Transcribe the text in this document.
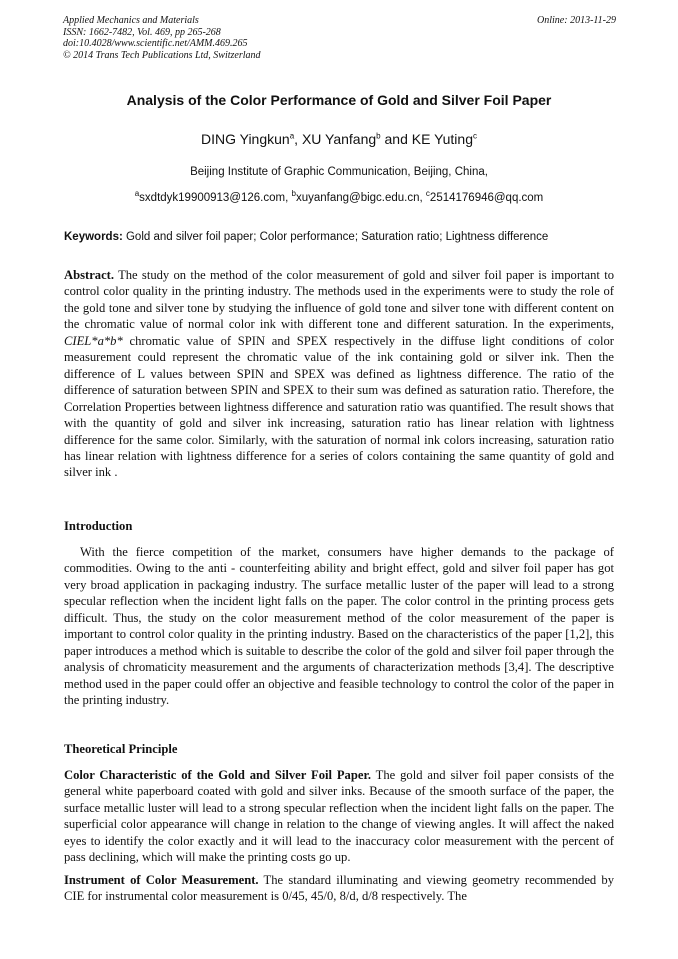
Applied Mechanics and Materials
ISSN: 1662-7482, Vol. 469, pp 265-268
doi:10.4028/www.scientific.net/AMM.469.265
© 2014 Trans Tech Publications Ltd, Switzerland
Online: 2013-11-29
Analysis of the Color Performance of Gold and Silver Foil Paper
DING Yingkun$^a$, XU Yanfang$^b$ and KE Yuting$^c$
Beijing Institute of Graphic Communication, Beijing, China,
$^a$sxdtdyk19900913@126.com, $^b$xuyanfang@bigc.edu.cn, $^c$2514176946@qq.com
Keywords: Gold and silver foil paper; Color performance; Saturation ratio; Lightness difference
Abstract. The study on the method of the color measurement of gold and silver foil paper is important to control color quality in the printing industry. The methods used in the experiments were to study the role of the gold tone and silver tone by studying the influence of gold tone and silver tone with different content on the chromatic value of normal color ink with different tone and different saturation. In the experiments, CIEL*a*b* chromatic value of SPIN and SPEX respectively in the diffuse light conditions of color measurement could represent the chromatic value of the ink containing gold or silver ink. Then the difference of L values between SPIN and SPEX was defined as lightness difference. The ratio of the difference of saturation between SPIN and SPEX to their sum was defined as saturation ratio. Therefore, the Correlation Properties between lightness difference and saturation ratio was quantified. The result shows that with the quantity of gold and silver ink increasing, saturation ratio has linear relation with lightness difference for the same color. Similarly, with the saturation of normal ink colors increasing, saturation ratio has linear relation with lightness difference for a series of colors containing the same quantity of gold and silver ink .
Introduction
With the fierce competition of the market, consumers have higher demands to the package of commodities. Owing to the anti - counterfeiting ability and bright effect, gold and silver foil paper has got very broad application in packaging industry. The surface metallic luster of the paper will lead to a strong specular reflection when the incident light falls on the paper. The color control in the printing process gets difficult. Thus, the study on the color measurement method of the color measurement of the paper is important to control color quality in the printing industry. Based on the characteristics of the paper [1,2], this paper introduces a method which is suitable to describe the color of the gold and silver foil paper through the analysis of chromaticity measurement and the arguments of characterization methods [3,4]. The descriptive method used in the paper could offer an objective and feasible technology to control the color of the paper in the printing industry.
Theoretical Principle
Color Characteristic of the Gold and Silver Foil Paper. The gold and silver foil paper consists of the general white paperboard coated with gold and silver inks. Because of the smooth surface of the paper, the surface metallic luster will lead to a strong specular reflection when the incident light falls on the paper. The superficial color appearance will change in relation to the change of viewing angles. It will affect the naked eyes to identify the color exactly and it will lead to the inaccuracy color measurement with the percent of pass declining, which will make the printing costs go up.
Instrument of Color Measurement. The standard illuminating and viewing geometry recommended by CIE for instrumental color measurement is 0/45, 45/0, 8/d, d/8 respectively. The
